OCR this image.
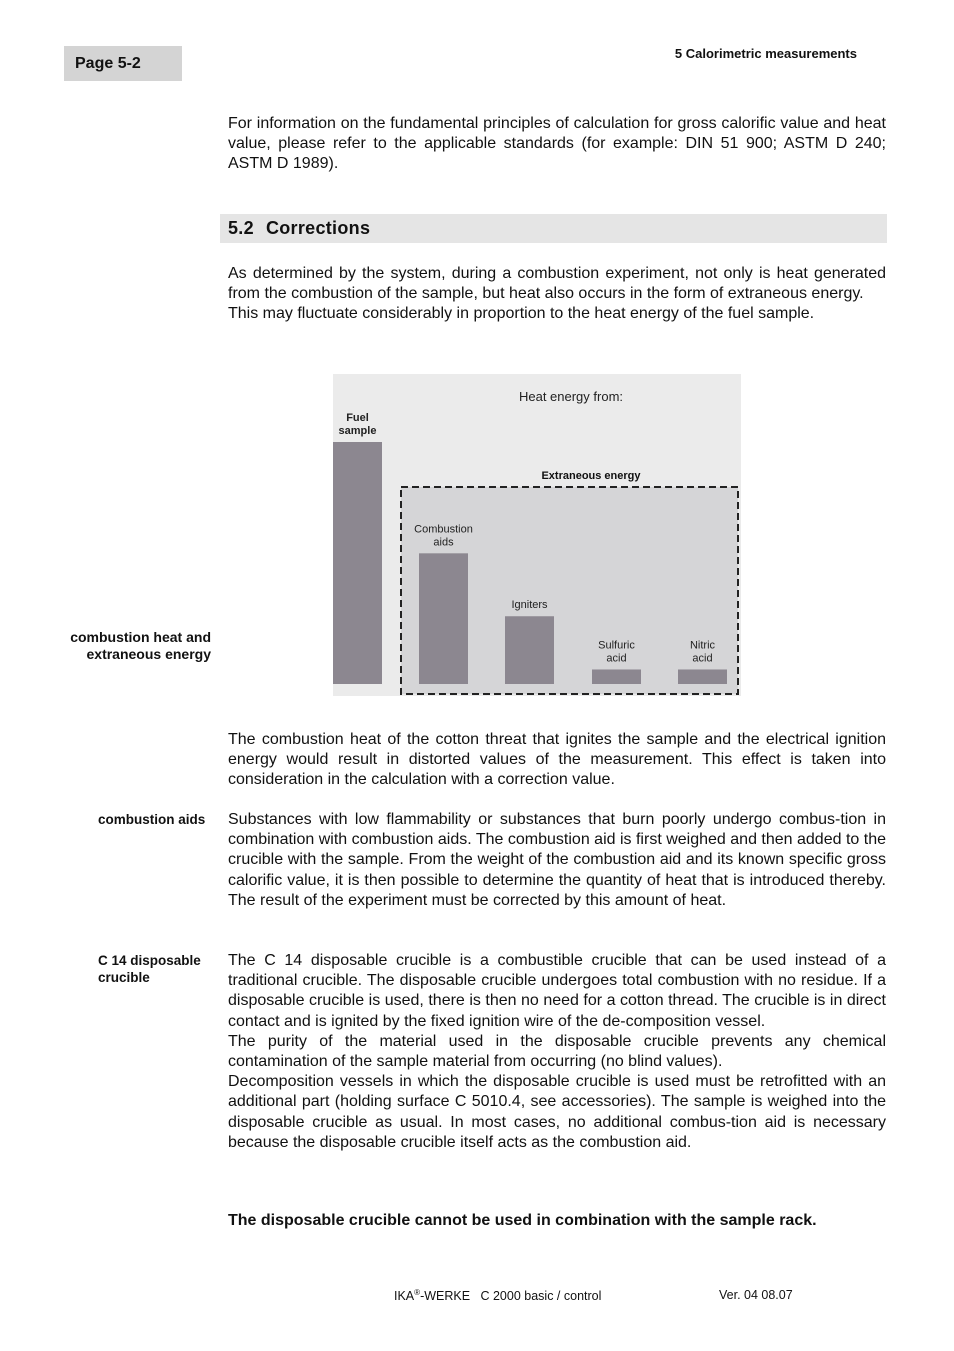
Page 5-2
5 Calorimetric measurements
For information on the fundamental principles of calculation for gross calorific value and heat value, please refer to the applicable standards (for example: DIN 51 900; ASTM D 240; ASTM D 1989).
5.2 Corrections
As determined by the system, during a combustion experiment, not only is heat generated from the combustion of the sample, but heat also occurs in the form of extraneous energy.
This may fluctuate considerably in proportion to the heat energy of the fuel sample.
combustion heat and extraneous energy
Heat energy from:
Extraneous energy
Fuel
sample
Combustion
aids
Igniters
Sulfuric
acid
Nitric
acid
The combustion heat of the cotton threat that ignites the sample and the electrical ignition energy would result in distorted values of the measurement. This effect is taken into consideration in the calculation with a correction value.
combustion aids	Substances with low flammability or substances that burn poorly undergo combus-tion in combination with combustion aids. The combustion aid is first weighed and then added to the crucible with the sample. From the weight of the combustion aid and its known specific gross calorific value, it is then possible to determine the quantity of heat that is introduced thereby. The result of the experiment must be corrected by this amount of heat.
C 14 disposable crucible
The C 14 disposable crucible is a combustible crucible that can be used instead of a traditional crucible. The disposable crucible undergoes total combustion with no residue. If a disposable crucible is used, there is then no need for a cotton thread. The crucible is in direct contact and is ignited by the fixed ignition wire of the de-composition vessel.
The purity of the material used in the disposable crucible prevents any chemical contamination of the sample material from occurring (no blind values).
Decomposition vessels in which the disposable crucible is used must be retrofitted with an additional part (holding surface C 5010.4, see accessories). The sample is weighed into the disposable crucible as usual. In most cases, no additional combus-tion aid is necessary because the disposable crucible itself acts as the combustion aid.
The disposable crucible cannot be used in combination with the sample rack.
IKA®-WERKE C 2000 basic / control	Ver. 04 08.07
